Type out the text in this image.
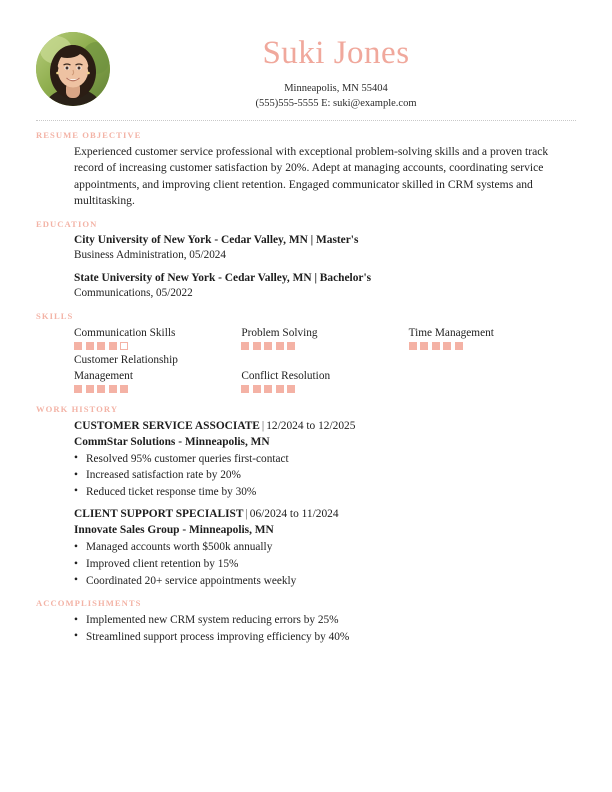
Suki Jones
Minneapolis, MN 55404
(555)555-5555 E: suki@example.com
RESUME OBJECTIVE
Experienced customer service professional with exceptional problem-solving skills and a proven track record of increasing customer satisfaction by 20%. Adept at managing accounts, coordinating service appointments, and improving client retention. Engaged communicator skilled in CRM systems and multitasking.
EDUCATION
City University of New York - Cedar Valley, MN | Master's
Business Administration, 05/2024
State University of New York - Cedar Valley, MN | Bachelor's
Communications, 05/2022
SKILLS
Communication Skills	Problem Solving	Time Management
Customer Relationship Management	Conflict Resolution
WORK HISTORY
CUSTOMER SERVICE ASSOCIATE | 12/2024 to 12/2025
CommStar Solutions - Minneapolis, MN
• Resolved 95% customer queries first-contact
• Increased satisfaction rate by 20%
• Reduced ticket response time by 30%
CLIENT SUPPORT SPECIALIST | 06/2024 to 11/2024
Innovate Sales Group - Minneapolis, MN
• Managed accounts worth $500k annually
• Improved client retention by 15%
• Coordinated 20+ service appointments weekly
ACCOMPLISHMENTS
• Implemented new CRM system reducing errors by 25%
• Streamlined support process improving efficiency by 40%
